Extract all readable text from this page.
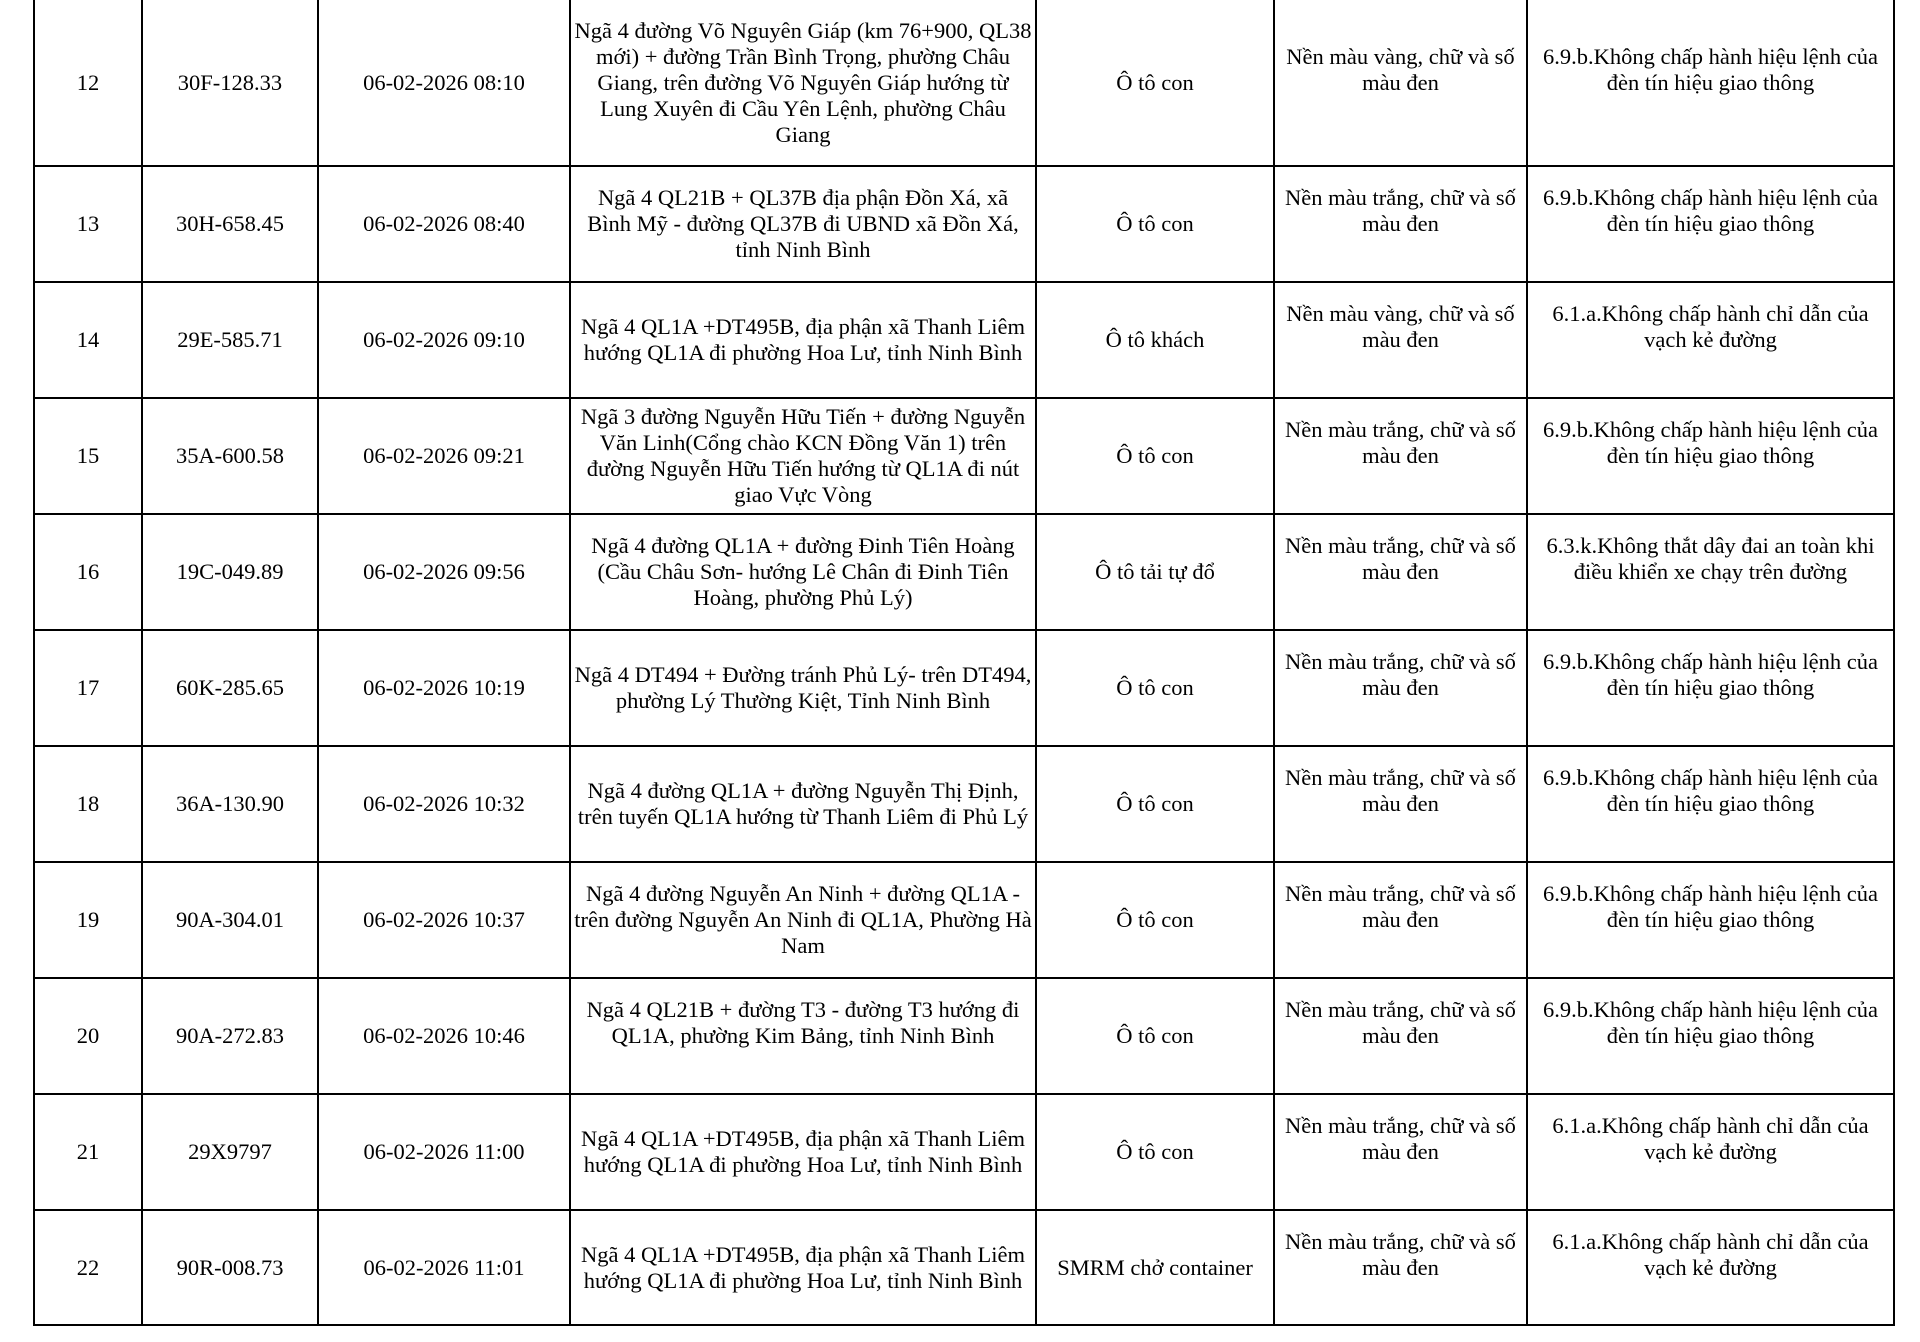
12	30F-128.33	06-02-2026 08:10	Ngã 4 đường Võ Nguyên Giáp (km 76+900, QL38 mới) + đường Trần Bình Trọng, phường Châu Giang, trên đường Võ Nguyên Giáp hướng từ Lung Xuyên đi Cầu Yên Lệnh, phường Châu Giang	Ô tô con	Nền màu vàng, chữ và số màu đen	6.9.b.Không chấp hành hiệu lệnh của đèn tín hiệu giao thông

13	30H-658.45	06-02-2026 08:40	Ngã 4 QL21B + QL37B địa phận Đồn Xá, xã Bình Mỹ - đường QL37B đi UBND xã Đồn Xá, tỉnh Ninh Bình	Ô tô con	Nền màu trắng, chữ và số màu đen	6.9.b.Không chấp hành hiệu lệnh của đèn tín hiệu giao thông

14	29E-585.71	06-02-2026 09:10	Ngã 4 QL1A +DT495B, địa phận xã Thanh Liêm hướng QL1A đi phường Hoa Lư, tỉnh Ninh Bình	Ô tô khách	Nền màu vàng, chữ và số màu đen	6.1.a.Không chấp hành chỉ dẫn của vạch kẻ đường

15	35A-600.58	06-02-2026 09:21	Ngã 3 đường Nguyễn Hữu Tiến + đường Nguyễn Văn Linh(Cổng chào KCN Đồng Văn 1) trên đường Nguyễn Hữu Tiến hướng từ QL1A đi nút giao Vực Vòng	Ô tô con	Nền màu trắng, chữ và số màu đen	6.9.b.Không chấp hành hiệu lệnh của đèn tín hiệu giao thông

16	19C-049.89	06-02-2026 09:56	Ngã 4 đường QL1A + đường Đinh Tiên Hoàng (Cầu Châu Sơn- hướng Lê Chân đi Đinh Tiên Hoàng, phường Phủ Lý)	Ô tô tải tự đổ	Nền màu trắng, chữ và số màu đen	6.3.k.Không thắt dây đai an toàn khi điều khiển xe chạy trên đường

17	60K-285.65	06-02-2026 10:19	Ngã 4 DT494 + Đường tránh Phủ Lý- trên DT494, phường Lý Thường Kiệt, Tỉnh Ninh Bình	Ô tô con	Nền màu trắng, chữ và số màu đen	6.9.b.Không chấp hành hiệu lệnh của đèn tín hiệu giao thông

18	36A-130.90	06-02-2026 10:32	Ngã 4 đường QL1A + đường Nguyễn Thị Định, trên tuyến QL1A hướng từ Thanh Liêm đi Phủ Lý	Ô tô con	Nền màu trắng, chữ và số màu đen	6.9.b.Không chấp hành hiệu lệnh của đèn tín hiệu giao thông

19	90A-304.01	06-02-2026 10:37	Ngã 4 đường Nguyễn An Ninh + đường QL1A - trên đường Nguyễn An Ninh đi QL1A, Phường Hà Nam	Ô tô con	Nền màu trắng, chữ và số màu đen	6.9.b.Không chấp hành hiệu lệnh của đèn tín hiệu giao thông

20	90A-272.83	06-02-2026 10:46	Ngã 4 QL21B + đường T3 - đường T3 hướng đi QL1A, phường Kim Bảng, tỉnh Ninh Bình	Ô tô con	Nền màu trắng, chữ và số màu đen	6.9.b.Không chấp hành hiệu lệnh của đèn tín hiệu giao thông

21	29X9797	06-02-2026 11:00	Ngã 4 QL1A +DT495B, địa phận xã Thanh Liêm hướng QL1A đi phường Hoa Lư, tỉnh Ninh Bình	Ô tô con	Nền màu trắng, chữ và số màu đen	6.1.a.Không chấp hành chỉ dẫn của vạch kẻ đường

22	90R-008.73	06-02-2026 11:01	Ngã 4 QL1A +DT495B, địa phận xã Thanh Liêm hướng QL1A đi phường Hoa Lư, tỉnh Ninh Bình	SMRM chở container	Nền màu trắng, chữ và số màu đen	6.1.a.Không chấp hành chỉ dẫn của vạch kẻ đường
